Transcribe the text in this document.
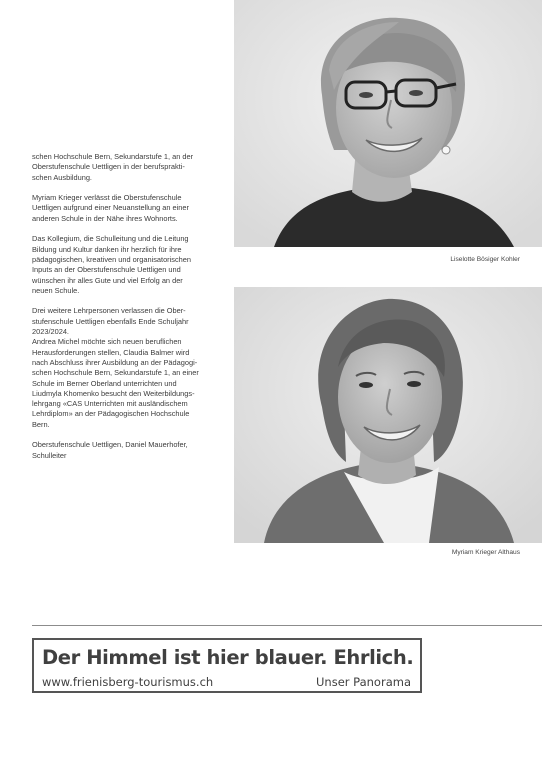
schen Hochschule Bern, Sekundarstufe 1, an der
Oberstufenschule Uettligen in der berufsprakti-
schen Ausbildung.

Myriam Krieger verlässt die Oberstufenschule
Uettligen aufgrund einer Neuanstellung an einer
anderen Schule in der Nähe ihres Wohnorts.

Das Kollegium, die Schulleitung und die Leitung
Bildung und Kultur danken ihr herzlich für ihre
pädagogischen, kreativen und organisatorischen
Inputs an der Oberstufenschule Uettligen und
wünschen ihr alles Gute und viel Erfolg an der
neuen Schule.

Drei weitere Lehrpersonen verlassen die Ober-
stufenschule Uettligen ebenfalls Ende Schuljahr
2023/2024.
Andrea Michel möchte sich neuen beruflichen
Herausforderungen stellen, Claudia Balmer wird
nach Abschluss ihrer Ausbildung an der Pädagogi-
schen Hochschule Bern, Sekundarstufe 1, an einer
Schule im Berner Oberland unterrichten und
Liudmyla Khomenko besucht den Weiterbildungs-
lehrgang «CAS Unterrichten mit ausländischem
Lehrdiplom» an der Pädagogischen Hochschule
Bern.

Oberstufenschule Uettligen, Daniel Mauerhofer,
Schulleiter

Liselotte Bösiger Kohler
Myriam Krieger Althaus
Der Himmel ist hier blauer. Ehrlich.
www.frienisberg-tourismus.ch	Unser Panorama
